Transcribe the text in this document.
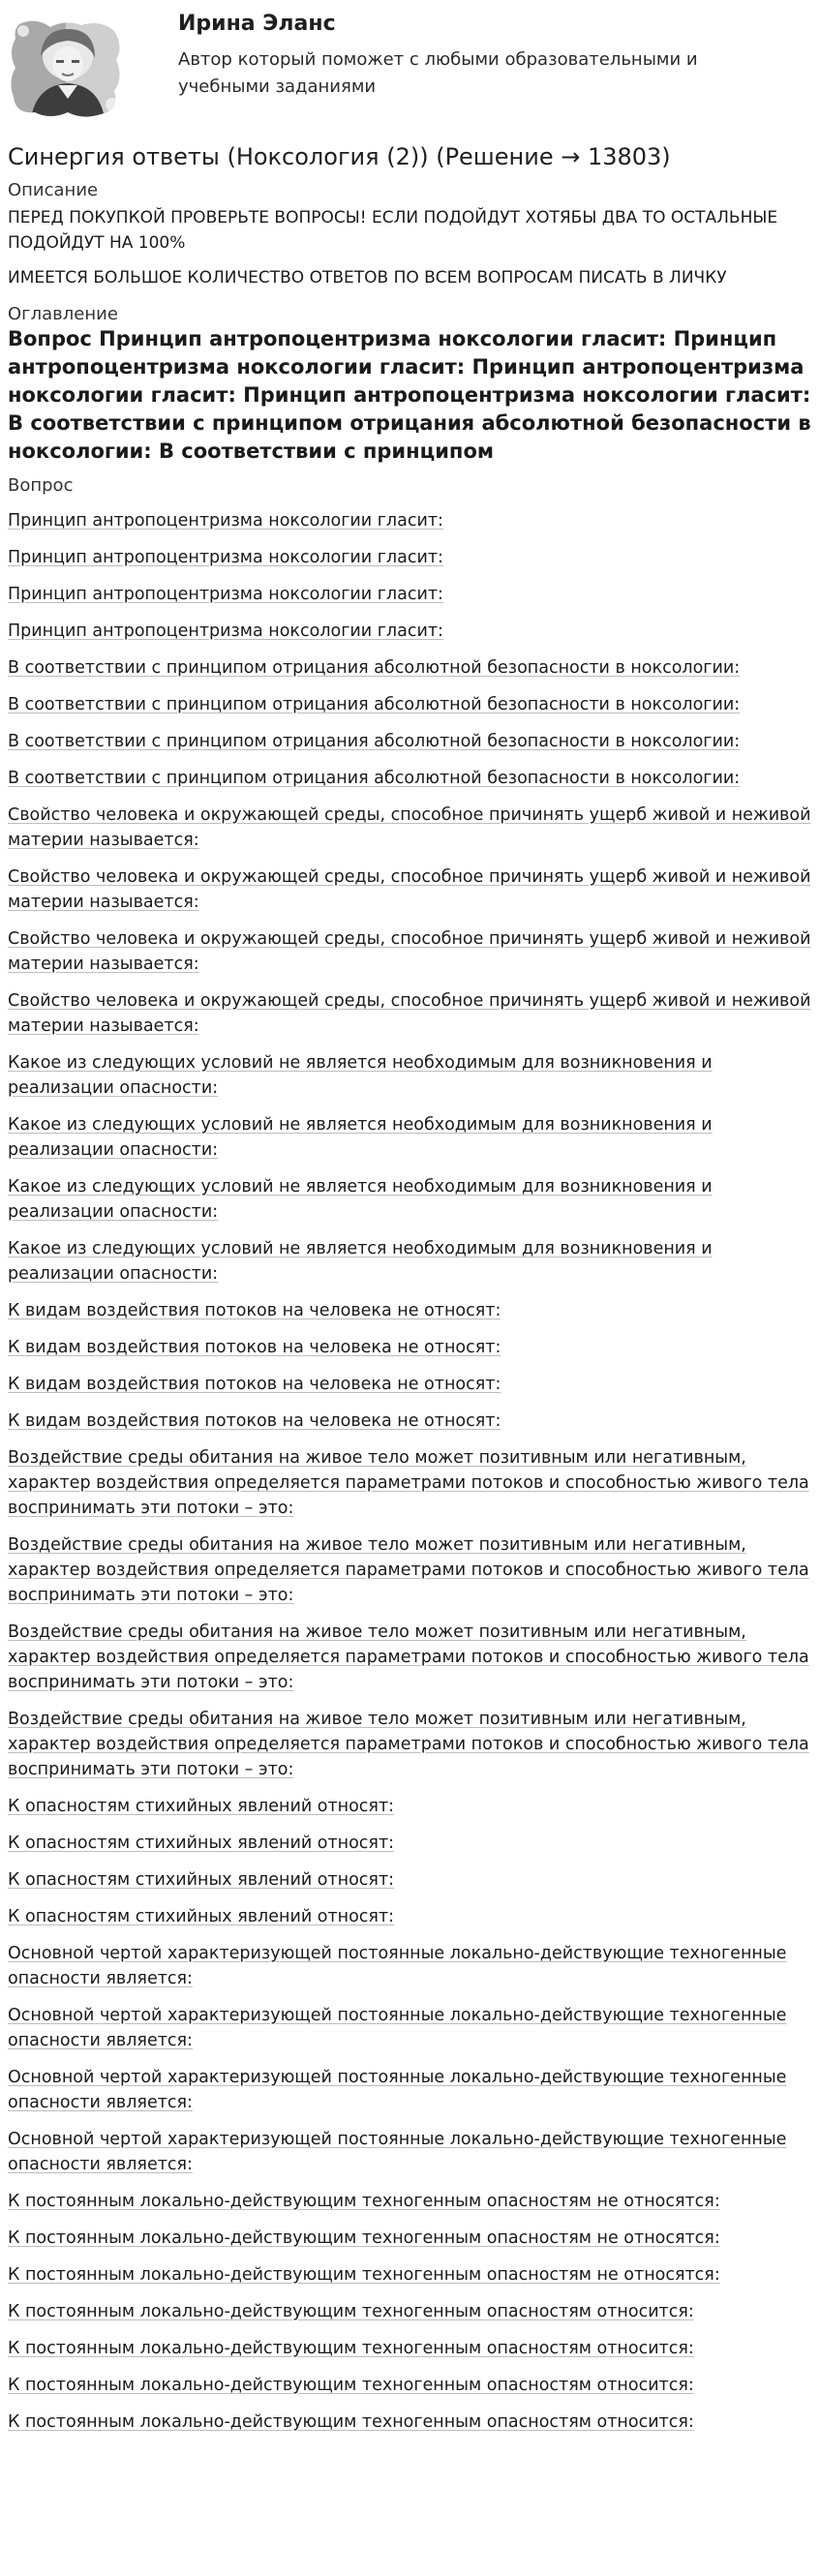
Ирина Эланс
Автор который поможет с любыми образовательными и учебными заданиями
Синергия ответы (Ноксология (2)) (Решение → 13803)
Описание
ПЕРЕД ПОКУПКОЙ ПРОВЕРЬТЕ ВОПРОСЫ! ЕСЛИ ПОДОЙДУТ ХОТЯБЫ ДВА ТО ОСТАЛЬНЫЕ ПОДОЙДУТ НА 100%
ИМЕЕТСЯ БОЛЬШОЕ КОЛИЧЕСТВО ОТВЕТОВ ПО ВСЕМ ВОПРОСАМ ПИСАТЬ В ЛИЧКУ
Оглавление
Вопрос Принцип антропоцентризма ноксологии гласит: Принцип антропоцентризма ноксологии гласит: Принцип антропоцентризма ноксологии гласит: Принцип антропоцентризма ноксологии гласит: В соответствии с принципом отрицания абсолютной безопасности в ноксологии: В соответствии с принципом
Вопрос
Принцип антропоцентризма ноксологии гласит:
Принцип антропоцентризма ноксологии гласит:
Принцип антропоцентризма ноксологии гласит:
Принцип антропоцентризма ноксологии гласит:
В соответствии с принципом отрицания абсолютной безопасности в ноксологии:
В соответствии с принципом отрицания абсолютной безопасности в ноксологии:
В соответствии с принципом отрицания абсолютной безопасности в ноксологии:
В соответствии с принципом отрицания абсолютной безопасности в ноксологии:
Свойство человека и окружающей среды, способное причинять ущерб живой и неживой материи называется:
Свойство человека и окружающей среды, способное причинять ущерб живой и неживой материи называется:
Свойство человека и окружающей среды, способное причинять ущерб живой и неживой материи называется:
Свойство человека и окружающей среды, способное причинять ущерб живой и неживой материи называется:
Какое из следующих условий не является необходимым для возникновения и реализации опасности:
Какое из следующих условий не является необходимым для возникновения и реализации опасности:
Какое из следующих условий не является необходимым для возникновения и реализации опасности:
Какое из следующих условий не является необходимым для возникновения и реализации опасности:
К видам воздействия потоков на человека не относят:
К видам воздействия потоков на человека не относят:
К видам воздействия потоков на человека не относят:
К видам воздействия потоков на человека не относят:
Воздействие среды обитания на живое тело может позитивным или негативным, характер воздействия определяется параметрами потоков и способностью живого тела воспринимать эти потоки – это:
Воздействие среды обитания на живое тело может позитивным или негативным, характер воздействия определяется параметрами потоков и способностью живого тела воспринимать эти потоки – это:
Воздействие среды обитания на живое тело может позитивным или негативным, характер воздействия определяется параметрами потоков и способностью живого тела воспринимать эти потоки – это:
Воздействие среды обитания на живое тело может позитивным или негативным, характер воздействия определяется параметрами потоков и способностью живого тела воспринимать эти потоки – это:
К опасностям стихийных явлений относят:
К опасностям стихийных явлений относят:
К опасностям стихийных явлений относят:
К опасностям стихийных явлений относят:
Основной чертой характеризующей постоянные локально-действующие техногенные опасности является:
Основной чертой характеризующей постоянные локально-действующие техногенные опасности является:
Основной чертой характеризующей постоянные локально-действующие техногенные опасности является:
Основной чертой характеризующей постоянные локально-действующие техногенные опасности является:
К постоянным локально-действующим техногенным опасностям не относятся:
К постоянным локально-действующим техногенным опасностям не относятся:
К постоянным локально-действующим техногенным опасностям не относятся:
К постоянным локально-действующим техногенным опасностям относится:
К постоянным локально-действующим техногенным опасностям относится:
К постоянным локально-действующим техногенным опасностям относится:
К постоянным локально-действующим техногенным опасностям относится:
